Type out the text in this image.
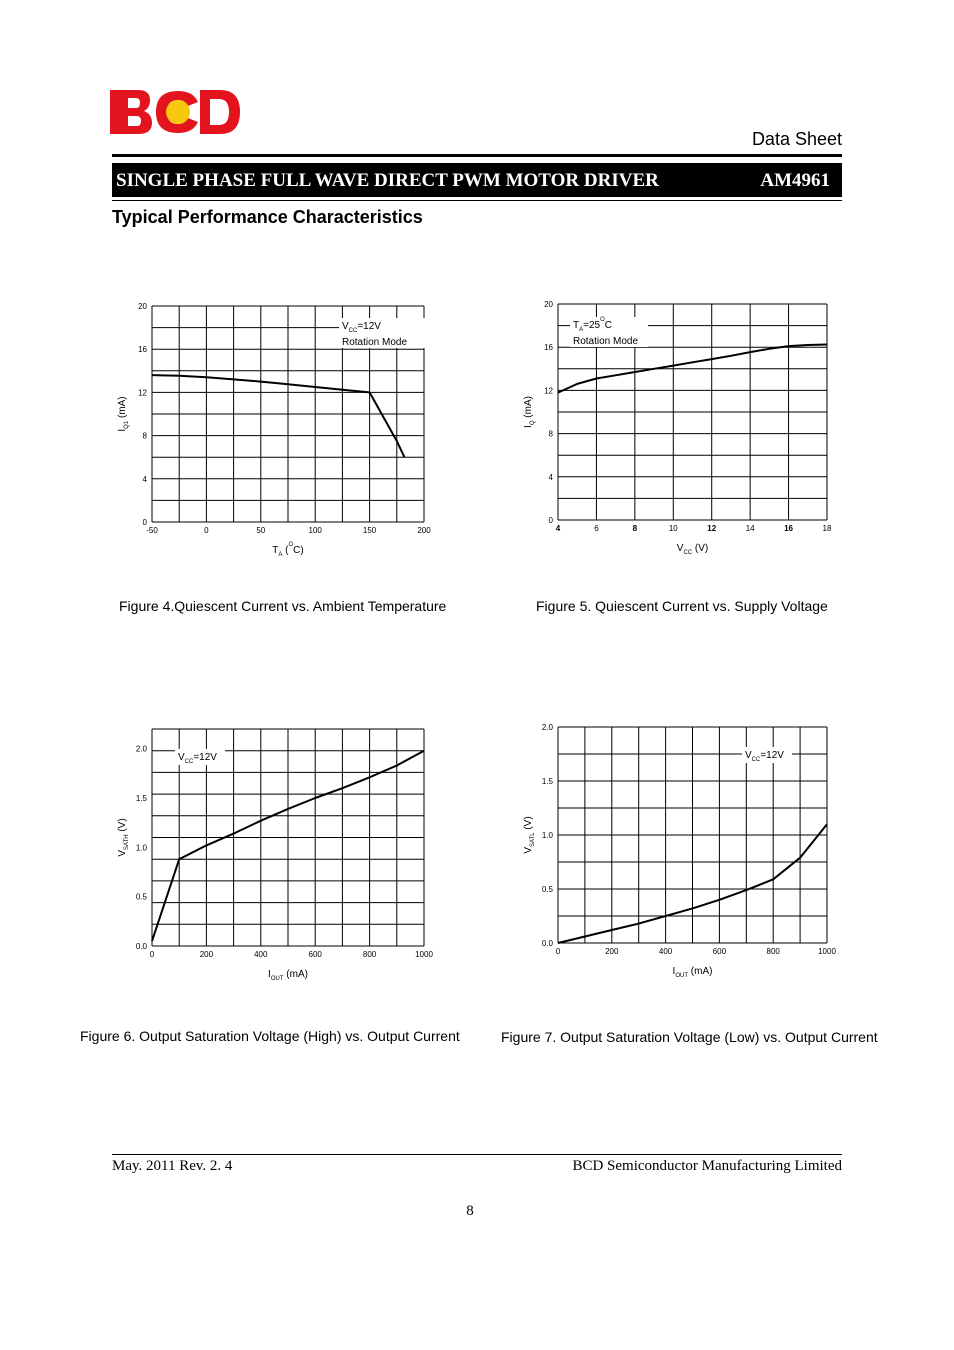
Data Sheet
SINGLE PHASE FULL WAVE DIRECT PWM MOTOR DRIVER	AM4961
Typical Performance Characteristics
$V_{CC}=12V$
Rotation Mode
-50	0	50	100	150	200
0
4
8
12
16
20
$T_A$ ($^O$C)
$I_{Q1}$ (mA)
$T_A=25^OC$
Rotation Mode
4	6	8	10	12	14	16	18
0
4
8
12
16
20
$V_{CC}$ (V)
$I_Q$ (mA)
$V_{CC}=12V$
0	200	400	600	800	1000
0.0
0.5
1.0
1.5
2.0
$I_{OUT}$ (mA)
$V_{SATH}$ (V)
$V_{CC}=12V$
0	200	400	600	800	1000
0.0
0.5
1.0
1.5
2.0
$I_{OUT}$ (mA)
$V_{SATL}$ (V)
Figure 4.Quiescent Current vs. Ambient Temperature	Figure 5. Quiescent Current vs. Supply Voltage
Figure 6. Output Saturation Voltage (High) vs. Output Current	Figure 7. Output Saturation Voltage (Low) vs. Output Current
May. 2011 Rev. 2. 4	BCD Semiconductor Manufacturing Limited
8
